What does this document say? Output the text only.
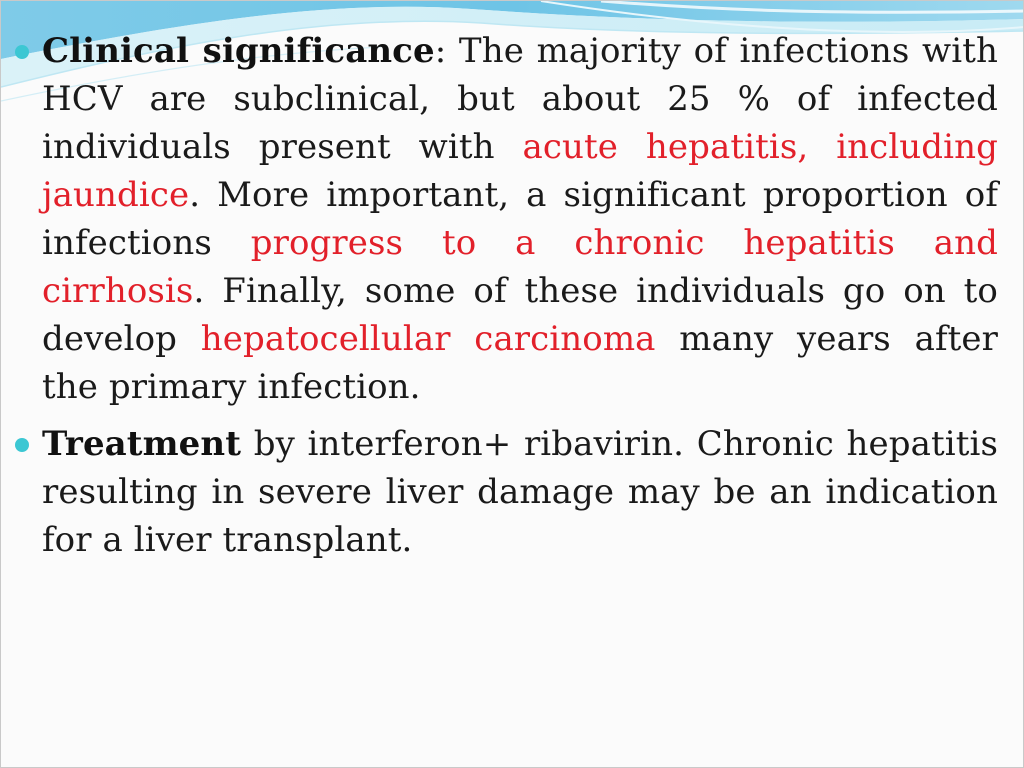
Clinical significance: The majority of infections with HCV are subclinical, but about 25 % of infected individuals present with acute hepatitis, including jaundice. More important, a significant proportion of infections progress to a chronic hepatitis and cirrhosis. Finally, some of these individuals go on to develop hepatocellular carcinoma many years after the primary infection.
Treatment by interferon+ ribavirin. Chronic hepatitis resulting in severe liver damage may be an indication for a liver transplant.
